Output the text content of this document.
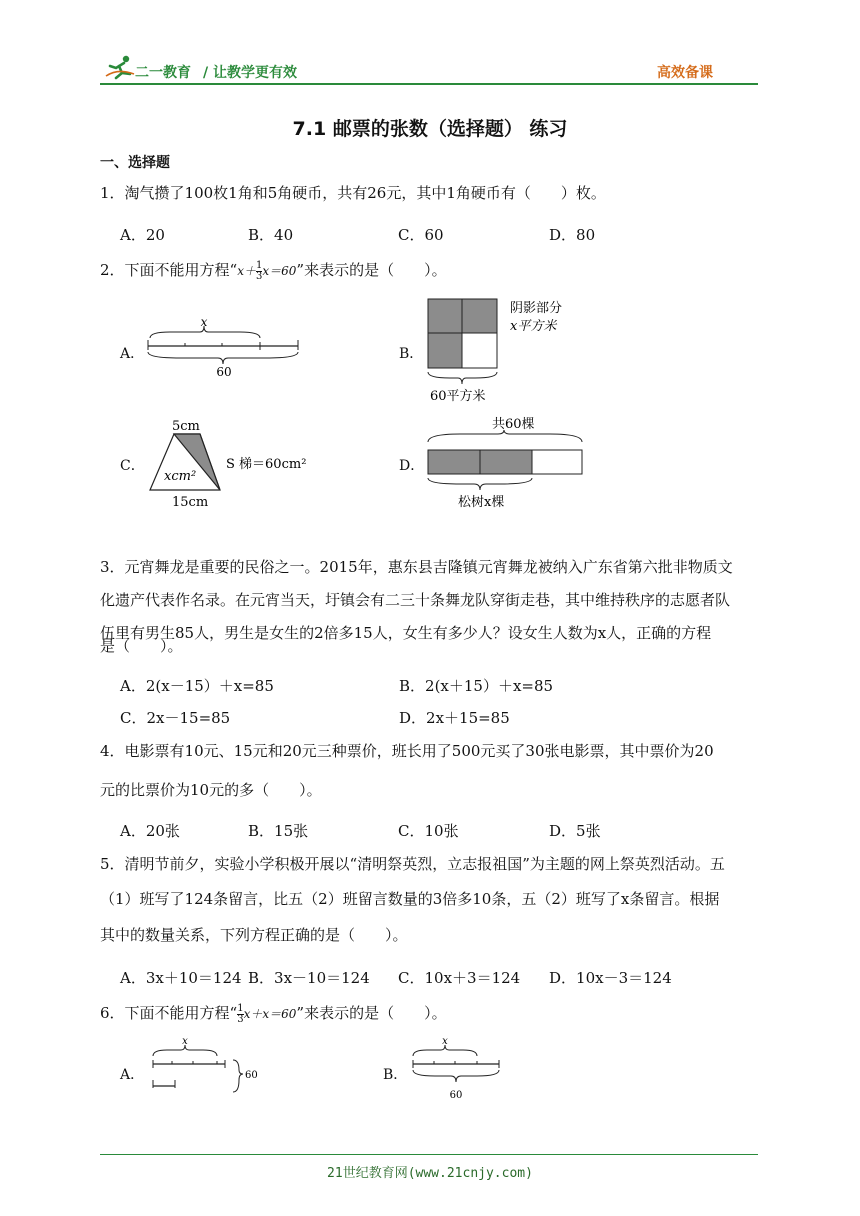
二一教育 / 让教学更有效	高效备课
7.1 邮票的张数（选择题） 练习
一、选择题
1．淘气攒了100枚1角和5角硬币，共有26元，其中1角硬币有（　　）枚。
A．20	B．40	C．60	D．80
2．下面不能用方程“$x+ \frac{1}{3} x=60$”来表示的是（　　）。
A．
x
60
B．
阴影部分
x平方米
60平方米
C．
5cm
xcm²
15cm
S 梯＝60cm²	D．
共60棵
松树x棵
3．元宵舞龙是重要的民俗之一。2015年，惠东县吉隆镇元宵舞龙被纳入广东省第六批非物质文
化遗产代表作名录。在元宵当天，圩镇会有二三十条舞龙队穿街走巷，其中维持秩序的志愿者队
伍里有男生85人，男生是女生的2倍多15人，女生有多少人？设女生人数为x人，正确的方程
是（　　）。
A．2(x－15）＋x=85	B．2(x＋15）＋x=85
C．2x－15=85	D．2x＋15=85
4．电影票有10元、15元和20元三种票价，班长用了500元买了30张电影票，其中票价为20
元的比票价为10元的多（　　）。
A．20张	B．15张	C．10张	D．5张
5．清明节前夕，实验小学积极开展以“清明祭英烈，立志报祖国”为主题的网上祭英烈活动。五
（1）班写了124条留言，比五（2）班留言数量的3倍多10条，五（2）班写了x条留言。根据
其中的数量关系，下列方程正确的是（　　）。
A．3x＋10＝124 B．3x－10＝124 C．10x＋3＝124 D．10x－3＝124
6．下面不能用方程“ $\frac{1}{3} x+x=60$”来表示的是（　　）。
A．
x
60	B．
x
60
21世纪教育网(www.21cnjy.com)
